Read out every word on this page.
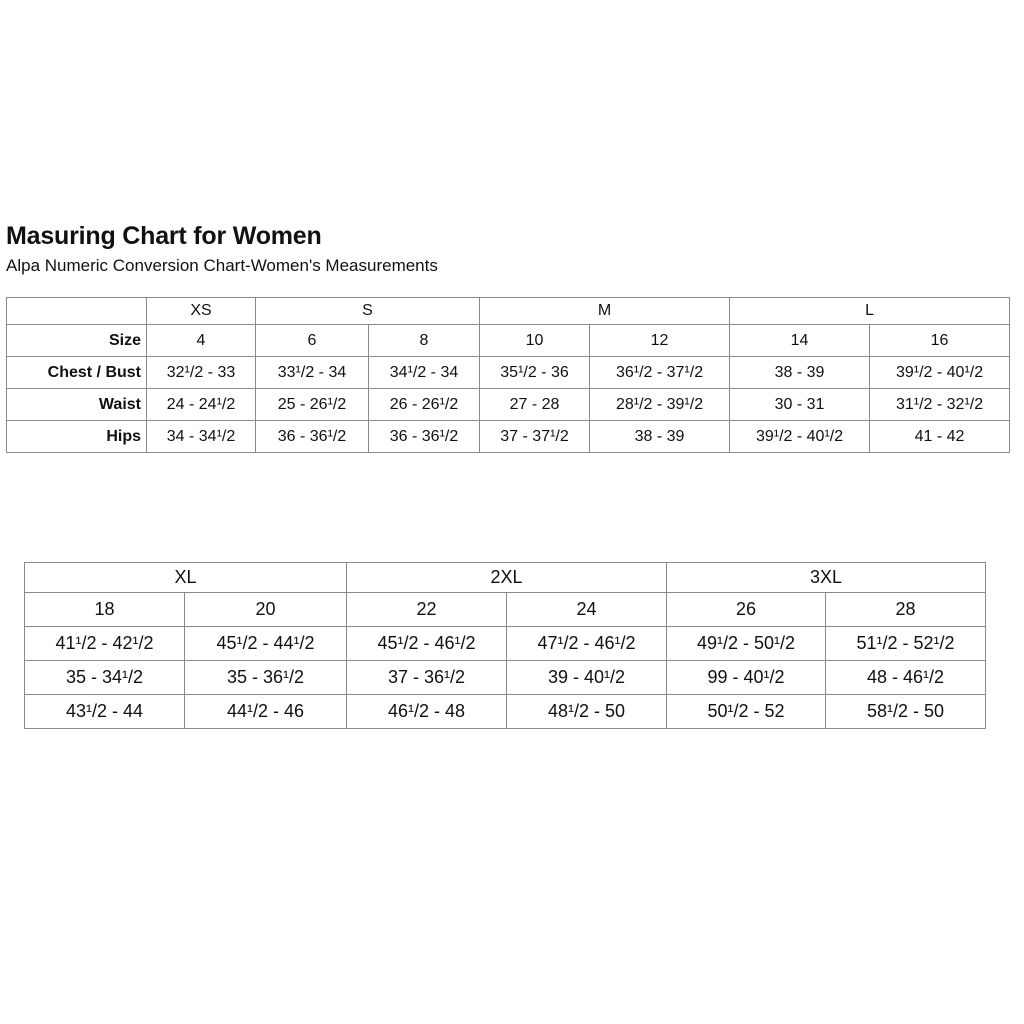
Masuring Chart for Women
Alpa Numeric Conversion Chart-Women's Measurements
	XS	S		M		L	
Size	4	6	8	10	12	14	16
Chest / Bust	32¹/2 - 33	33¹/2 - 34	34¹/2 - 34	35¹/2 - 36	36¹/2 - 37¹/2	38 - 39	39¹/2 - 40¹/2
Waist	24 - 24¹/2	25 - 26¹/2	26 - 26¹/2	27 - 28	28¹/2 - 39¹/2	30 - 31	31¹/2 - 32¹/2
Hips	34 - 34¹/2	36 - 36¹/2	36 - 36¹/2	37 - 37¹/2	38 - 39	39¹/2 - 40¹/2	41 - 42
XL		2XL		3XL	
18	20	22	24	26	28
41¹/2 - 42¹/2	45¹/2 - 44¹/2	45¹/2 - 46¹/2	47¹/2 - 46¹/2	49¹/2 - 50¹/2	51¹/2 - 52¹/2
35 - 34¹/2	35 - 36¹/2	37 - 36¹/2	39 - 40¹/2	99 - 40¹/2	48 - 46¹/2
43¹/2 - 44	44¹/2 - 46	46¹/2 - 48	48¹/2 - 50	50¹/2 - 52	58¹/2 - 50
